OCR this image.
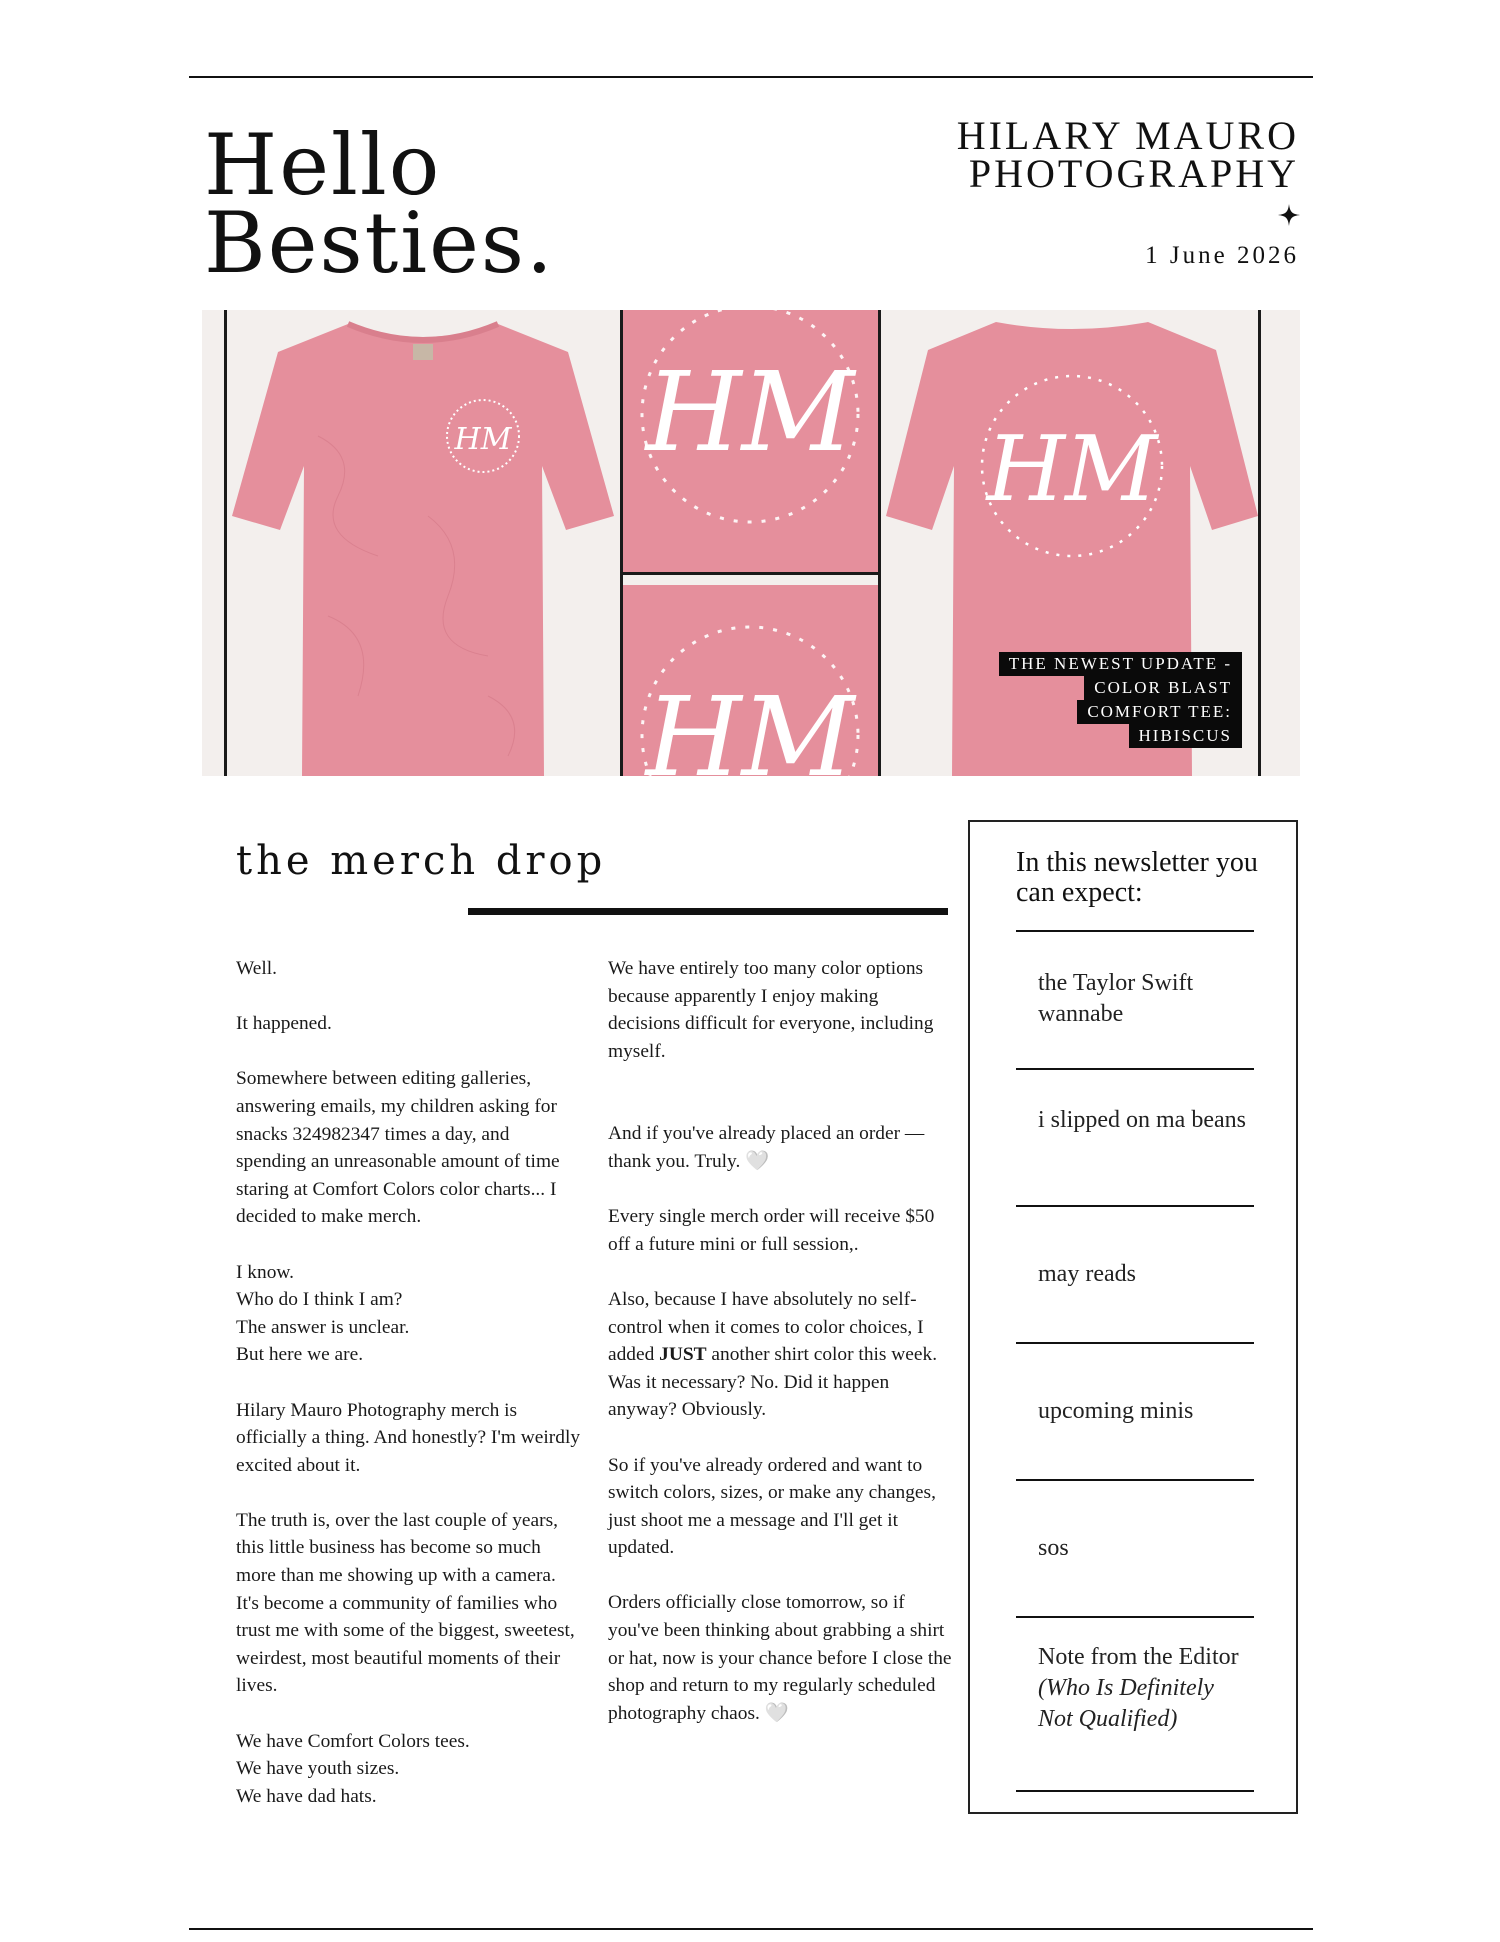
Hello
Besties.
HILARY MAURO
PHOTOGRAPHY
1 June 2026
HM HM
HM
HM
THE NEWEST UPDATE -
COLOR BLAST
COMFORT TEE:
HIBISCUS
the merch drop

Well.

It happened.

Somewhere between editing galleries, answering emails, my children asking for snacks 324982347 times a day, and spending an unreasonable amount of time staring at Comfort Colors color charts... I decided to make merch.

I know.
Who do I think I am?
The answer is unclear.
But here we are.

Hilary Mauro Photography merch is officially a thing. And honestly? I'm weirdly excited about it.

The truth is, over the last couple of years, this little business has become so much more than me showing up with a camera. It's become a community of families who trust me with some of the biggest, sweetest, weirdest, most beautiful moments of their lives.

We have Comfort Colors tees.
We have youth sizes.
We have dad hats.

We have entirely too many color options because apparently I enjoy making decisions difficult for everyone, including myself.

And if you've already placed an order — thank you. Truly. 🤍

Every single merch order will receive $50 off a future mini or full session,.

Also, because I have absolutely no self-control when it comes to color choices, I added JUST another shirt color this week. Was it necessary? No. Did it happen anyway? Obviously.

So if you've already ordered and want to switch colors, sizes, or make any changes, just shoot me a message and I'll get it updated.

Orders officially close tomorrow, so if you've been thinking about grabbing a shirt or hat, now is your chance before I close the shop and return to my regularly scheduled photography chaos. 🤍

In this newsletter you can expect:
the Taylor Swift wannabe
i slipped on ma beans
may reads
upcoming minis
sos
Note from the Editor (Who Is Definitely Not Qualified)
